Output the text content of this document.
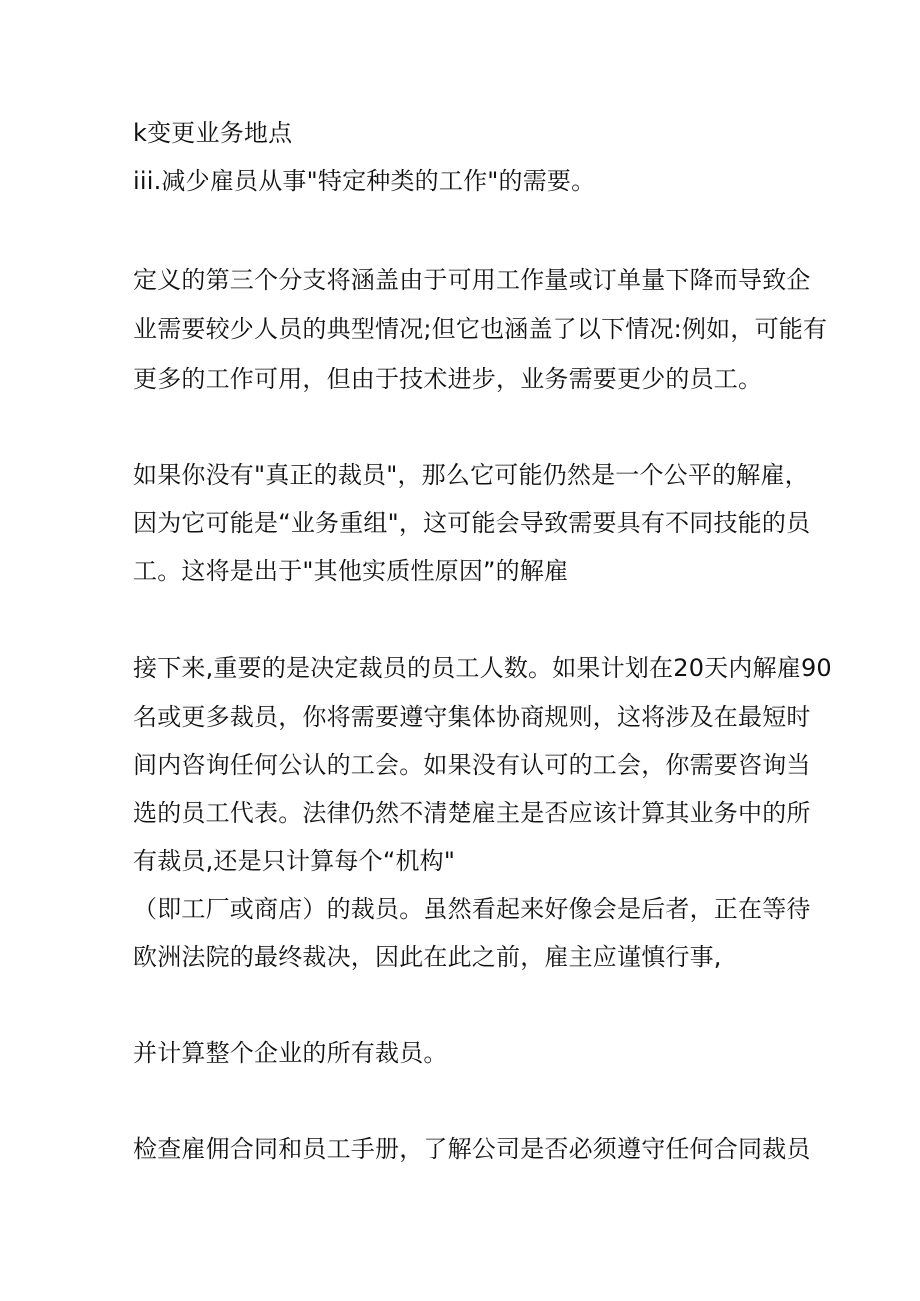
k变更业务地点
iii.减少雇员从事"特定种类的工作"的需要。
定义的第三个分支将涵盖由于可用工作量或订单量下降而导致企
业需要较少人员的典型情况;但它也涵盖了以下情况:例如，可能有
更多的工作可用，但由于技术进步，业务需要更少的员工。
如果你没有"真正的裁员"，那么它可能仍然是一个公平的解雇，
因为它可能是“业务重组"，这可能会导致需要具有不同技能的员
工。这将是出于"其他实质性原因”的解雇
接下来,重要的是决定裁员的员工人数。如果计划在20天内解雇90
名或更多裁员，你将需要遵守集体协商规则，这将涉及在最短时
间内咨询任何公认的工会。如果没有认可的工会，你需要咨询当
选的员工代表。法律仍然不清楚雇主是否应该计算其业务中的所
有裁员,还是只计算每个“机构"
（即工厂或商店）的裁员。虽然看起来好像会是后者，正在等待
欧洲法院的最终裁决，因此在此之前，雇主应谨慎行事,
并计算整个企业的所有裁员。
检查雇佣合同和员工手册，了解公司是否必须遵守任何合同裁员
